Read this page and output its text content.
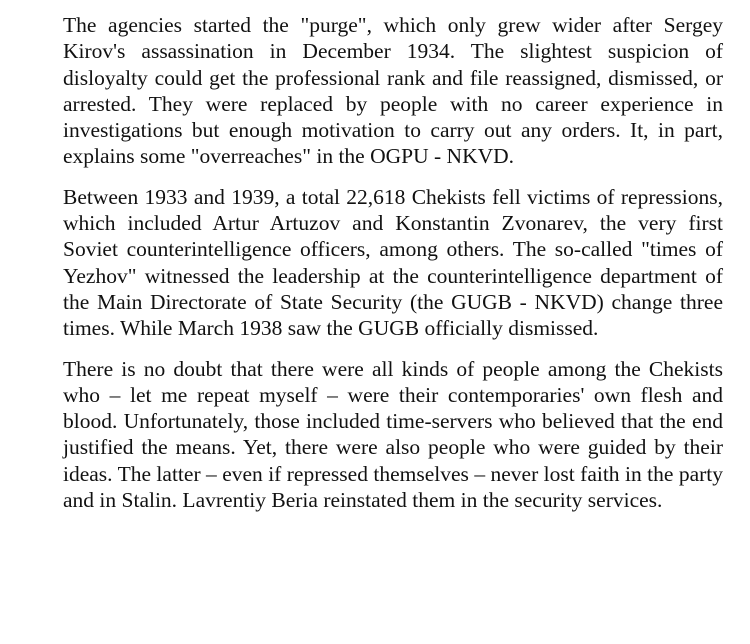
The agencies started the "purge", which only grew wider after Sergey Kirov's assassination in December 1934. The slightest suspicion of disloyalty could get the professional rank and file reassigned, dismissed, or arrested. They were replaced by people with no career experience in investigations but enough motivation to carry out any orders. It, in part, explains some "overreaches" in the OGPU - NKVD.

Between 1933 and 1939, a total 22,618 Chekists fell victims of repressions, which included Artur Artuzov and Konstantin Zvonarev, the very first Soviet counterintelligence officers, among others. The so-called "times of Yezhov" witnessed the leadership at the counterintelligence department of the Main Directorate of State Security (the GUGB - NKVD) change three times. While March 1938 saw the GUGB officially dismissed.

There is no doubt that there were all kinds of people among the Chekists who – let me repeat myself – were their contemporaries' own flesh and blood. Unfortunately, those included time-servers who believed that the end justified the means. Yet, there were also people who were guided by their ideas. The latter – even if repressed themselves – never lost faith in the party and in Stalin. Lavrentiy Beria reinstated them in the security services.
